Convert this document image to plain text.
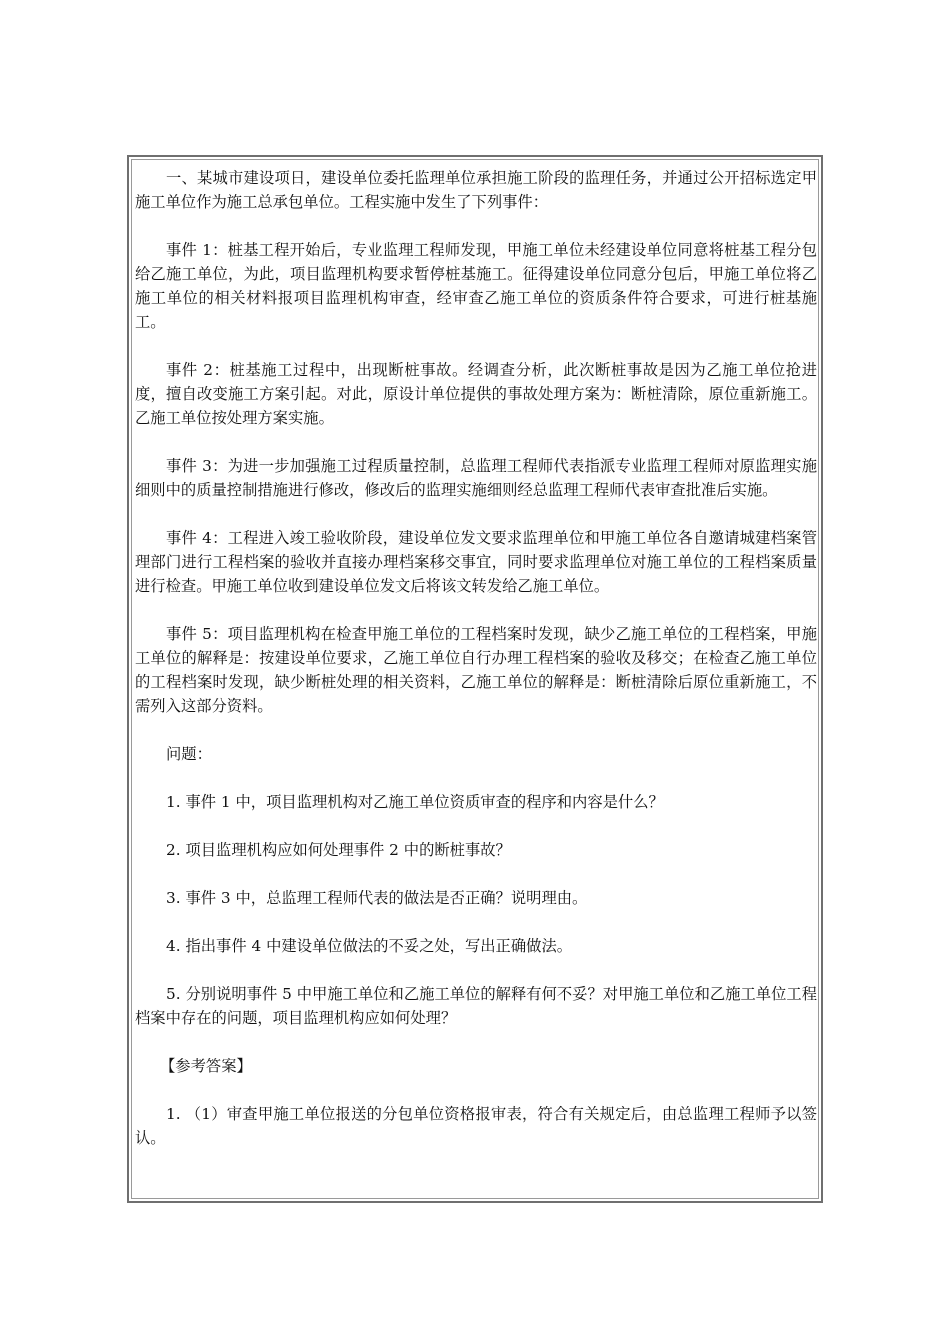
一、某城市建设项日，建设单位委托监理单位承担施工阶段的监理任务，并通过公开招标选定甲施工单位作为施工总承包单位。工程实施中发生了下列事件：

事件 1：桩基工程开始后，专业监理工程师发现，甲施工单位未经建设单位同意将桩基工程分包给乙施工单位，为此，项目监理机构要求暂停桩基施工。征得建设单位同意分包后，甲施工单位将乙施工单位的相关材料报项目监理机构审查，经审查乙施工单位的资质条件符合要求，可进行桩基施工。

事件 2：桩基施工过程中，出现断桩事故。经调查分析，此次断桩事故是因为乙施工单位抢进度，擅自改变施工方案引起。对此，原设计单位提供的事故处理方案为：断桩清除，原位重新施工。乙施工单位按处理方案实施。

事件 3：为进一步加强施工过程质量控制，总监理工程师代表指派专业监理工程师对原监理实施细则中的质量控制措施进行修改，修改后的监理实施细则经总监理工程师代表审查批准后实施。

事件 4：工程进入竣工验收阶段，建设单位发文要求监理单位和甲施工单位各自邀请城建档案管理部门进行工程档案的验收并直接办理档案移交事宜，同时要求监理单位对施工单位的工程档案质量进行检查。甲施工单位收到建设单位发文后将该文转发给乙施工单位。

事件 5：项目监理机构在检查甲施工单位的工程档案时发现，缺少乙施工单位的工程档案，甲施工单位的解释是：按建设单位要求，乙施工单位自行办理工程档案的验收及移交；在检查乙施工单位的工程档案时发现，缺少断桩处理的相关资料，乙施工单位的解释是：断桩清除后原位重新施工，不需列入这部分资料。

问题：

1. 事件 1 中，项目监理机构对乙施工单位资质审查的程序和内容是什么？

2. 项目监理机构应如何处理事件 2 中的断桩事故？

3. 事件 3 中，总监理工程师代表的做法是否正确？说明理由。

4. 指出事件 4 中建设单位做法的不妥之处，写出正确做法。

5. 分别说明事件 5 中甲施工单位和乙施工单位的解释有何不妥？对甲施工单位和乙施工单位工程档案中存在的问题，项目监理机构应如何处理？

【参考答案】

1. （1）审查甲施工单位报送的分包单位资格报审表，符合有关规定后，由总监理工程师予以签认。
